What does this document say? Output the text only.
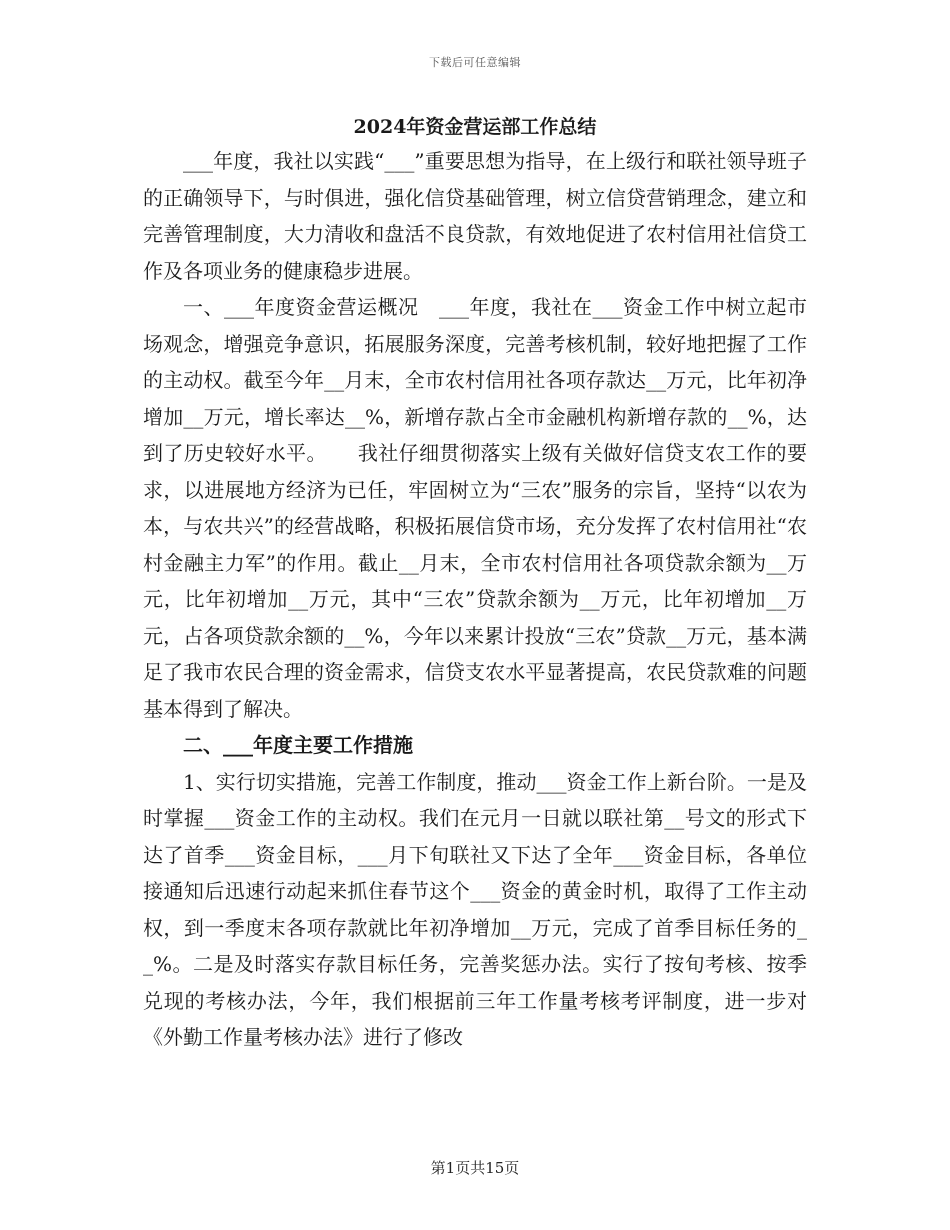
下载后可任意编辑
2024年资金营运部工作总结

___年度，我社以实践“___”重要思想为指导，在上级行和联社领导班子的正确领导下，与时俱进，强化信贷基础管理，树立信贷营销理念，建立和完善管理制度，大力清收和盘活不良贷款，有效地促进了农村信用社信贷工作及各项业务的健康稳步进展。

一、___年度资金营运概况　___年度，我社在___资金工作中树立起市场观念，增强竞争意识，拓展服务深度，完善考核机制，较好地把握了工作的主动权。截至今年__月末，全市农村信用社各项存款达__万元，比年初净增加__万元，增长率达__%，新增存款占全市金融机构新增存款的__%，达到了历史较好水平。　　 我社仔细贯彻落实上级有关做好信贷支农工作的要求，以进展地方经济为已任，牢固树立为“三农”服务的宗旨，坚持“以农为本，与农共兴”的经营战略，积极拓展信贷市场，充分发挥了农村信用社“农村金融主力军”的作用。截止__月末，全市农村信用社各项贷款余额为__万元，比年初增加__万元，其中“三农”贷款余额为__万元，比年初增加__万元，占各项贷款余额的__%，今年以来累计投放“三农”贷款__万元，基本满足了我市农民合理的资金需求，信贷支农水平显著提高，农民贷款难的问题基本得到了解决。

二、___年度主要工作措施

1、实行切实措施，完善工作制度，推动___资金工作上新台阶。一是及时掌握___资金工作的主动权。我们在元月一日就以联社第__号文的形式下达了首季___资金目标，___月下旬联社又下达了全年___资金目标，各单位接通知后迅速行动起来抓住春节这个___资金的黄金时机，取得了工作主动权，到一季度末各项存款就比年初净增加__万元，完成了首季目标任务的__%。二是及时落实存款目标任务，完善奖惩办法。实行了按旬考核、按季兑现的考核办法，今年，我们根据前三年工作量考核考评制度，进一步对《外勤工作量考核办法》进行了修改

第1页共15页
